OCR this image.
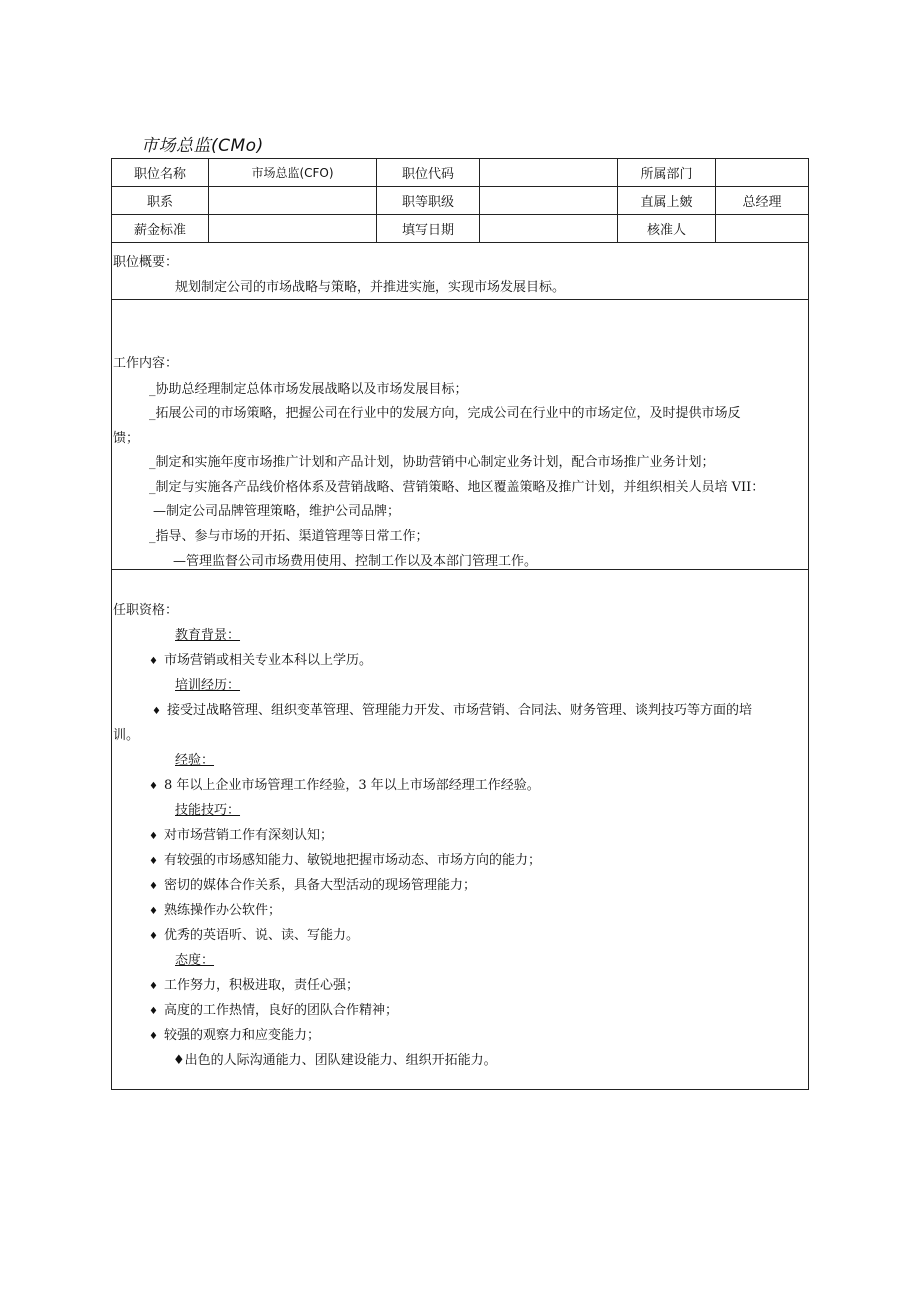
市场总监(CMo)
职位名称	市场总监(CFO)	职位代码		所属部门	
职系		职等职级		直属上皴	总经理
薪金标准		填写日期		核准人	
职位概要：
规划制定公司的市场战略与策略，并推进实施，实现市场发展目标。
工作内容：
_协助总经理制定总体市场发展战略以及市场发展目标；
_拓展公司的市场策略，把握公司在行业中的发展方向，完成公司在行业中的市场定位，及时提供市场反
馈；
_制定和实施年度市场推广计划和产品计划，协助营销中心制定业务计划，配合市场推广业务计划；
_制定与实施各产品线价格体系及营销战略、营销策略、地区覆盖策略及推广计划，并组织相关人员培 VII：
—制定公司品牌管理策略，维护公司品牌；
_指导、参与市场的开拓、渠道管理等日常工作；
—管理监督公司市场费用使用、控制工作以及本部门管理工作。
任职资格：
教育背景：
♦ 市场营销或相关专业本科以上学历。
培训经历：
♦ 接受过战略管理、组织变革管理、管理能力开发、市场营销、合同法、财务管理、谈判技巧等方面的培
训。
经验：
♦ 8 年以上企业市场管理工作经验，3 年以上市场部经理工作经验。
技能技巧：
♦ 对市场营销工作有深刻认知；
♦ 有较强的市场感知能力、敏锐地把握市场动态、市场方向的能力；
♦ 密切的媒体合作关系，具备大型活动的现场管理能力；
♦ 熟练操作办公软件；
♦ 优秀的英语听、说、读、写能力。
态度：
♦ 工作努力，积极进取，责任心强；
♦ 高度的工作热情，良好的团队合作精神；
♦ 较强的观察力和应变能力；
♦出色的人际沟通能力、团队建设能力、组织开拓能力。
